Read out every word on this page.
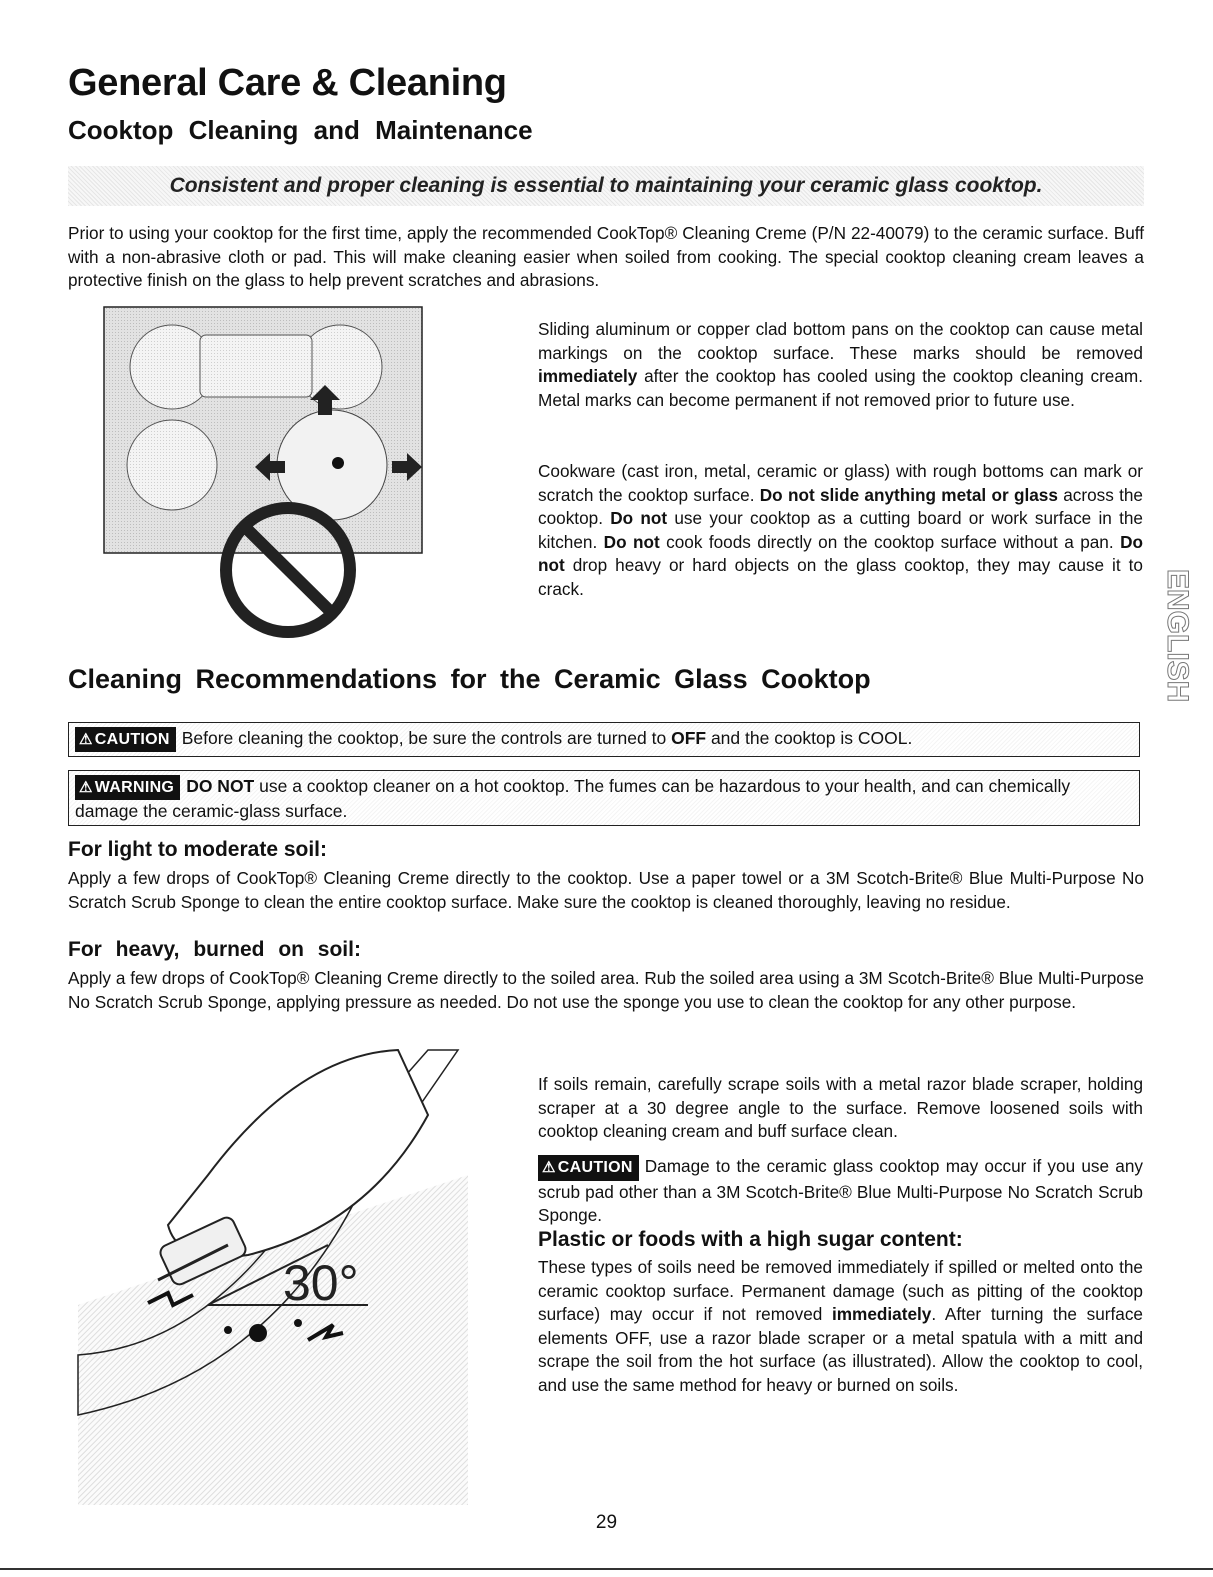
General Care & Cleaning
Cooktop Cleaning and Maintenance
Consistent and proper cleaning is essential to maintaining your ceramic glass cooktop.

Prior to using your cooktop for the first time, apply the recommended CookTop® Cleaning Creme (P/N 22-40079) to the ceramic surface. Buff with a non-abrasive cloth or pad. This will make cleaning easier when soiled from cooking. The special cooktop cleaning cream leaves a protective finish on the glass to help prevent scratches and abrasions.

Sliding aluminum or copper clad bottom pans on the cooktop can cause metal markings on the cooktop surface. These marks should be removed immediately after the cooktop has cooled using the cooktop cleaning cream. Metal marks can become permanent if not removed prior to future use.

Cookware (cast iron, metal, ceramic or glass) with rough bottoms can mark or scratch the cooktop surface. Do not slide anything metal or glass across the cooktop. Do not use your cooktop as a cutting board or work surface in the kitchen. Do not cook foods directly on the cooktop surface without a pan. Do not drop heavy or hard objects on the glass cooktop, they may cause it to crack.	ENGLISH
Cleaning Recommendations for the Ceramic Glass Cooktop
⚠ CAUTION Before cleaning the cooktop, be sure the controls are turned to OFF and the cooktop is COOL.
⚠ WARNING DO NOT use a cooktop cleaner on a hot cooktop. The fumes can be hazardous to your health, and can chemically damage the ceramic-glass surface.
For light to moderate soil:

Apply a few drops of CookTop® Cleaning Creme directly to the cooktop. Use a paper towel or a 3M Scotch-Brite® Blue Multi-Purpose No Scratch Scrub Sponge to clean the entire cooktop surface. Make sure the cooktop is cleaned thoroughly, leaving no residue.

For heavy, burned on soil:

Apply a few drops of CookTop® Cleaning Creme directly to the soiled area. Rub the soiled area using a 3M Scotch-Brite® Blue Multi-Purpose No Scratch Scrub Sponge, applying pressure as needed. Do not use the sponge you use to clean the cooktop for any other purpose.

30°

If soils remain, carefully scrape soils with a metal razor blade scraper, holding scraper at a 30 degree angle to the surface. Remove loosened soils with cooktop cleaning cream and buff surface clean.

⚠ CAUTION Damage to the ceramic glass cooktop may occur if you use any scrub pad other than a 3M Scotch-Brite® Blue Multi-Purpose No Scratch Scrub Sponge.

Plastic or foods with a high sugar content:

These types of soils need be removed immediately if spilled or melted onto the ceramic cooktop surface. Permanent damage (such as pitting of the cooktop surface) may occur if not removed immediately. After turning the surface elements OFF, use a razor blade scraper or a metal spatula with a mitt and scrape the soil from the hot surface (as illustrated). Allow the cooktop to cool, and use the same method for heavy or burned on soils.

29
